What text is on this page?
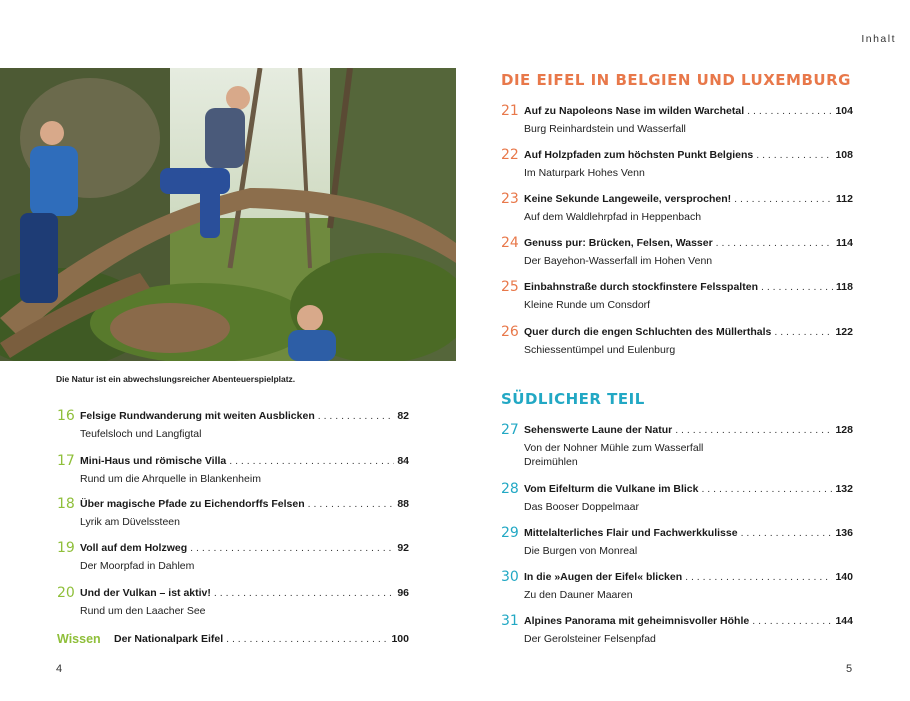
Inhalt
Die Natur ist ein abwechslungsreicher Abenteuerspielplatz.
16 Felsige Rundwanderung mit weiten Ausblicken . . .	82
Teufelsloch und Langfigtal
17 Mini-Haus und römische Villa . . .	84
Rund um die Ahrquelle in Blankenheim
18 Über magische Pfade zu Eichendorffs Felsen . . .	88
Lyrik am Düvelssteen
19 Voll auf dem Holzweg . . .	92
Der Moorpfad in Dahlem
20 Und der Vulkan – ist aktiv! . . .	96
Rund um den Laacher See
Wissen Der Nationalpark Eifel . . .	100
DIE EIFEL IN BELGIEN UND LUXEMBURG
21 Auf zu Napoleons Nase im wilden Warchetal . . .	104
Burg Reinhardstein und Wasserfall
22 Auf Holzpfaden zum höchsten Punkt Belgiens . . .	108
Im Naturpark Hohes Venn
23 Keine Sekunde Langeweile, versprochen! . . .	112
Auf dem Waldlehrpfad in Heppenbach
24 Genuss pur: Brücken, Felsen, Wasser . . .	114
Der Bayehon-Wasserfall im Hohen Venn
25 Einbahnstraße durch stockfinstere Felsspalten . . .	118
Kleine Runde um Consdorf
26 Quer durch die engen Schluchten des Müllerthals . . .	122
Schiessentümpel und Eulenburg
SÜDLICHER TEIL
27 Sehenswerte Laune der Natur . . .	128
Von der Nohner Mühle zum Wasserfall Dreimühlen
28 Vom Eifelturm die Vulkane im Blick . . .	132
Das Booser Doppelmaar
29 Mittelalterliches Flair und Fachwerkkulisse . . .	136
Die Burgen von Monreal
30 In die »Augen der Eifel« blicken . . .	140
Zu den Dauner Maaren
31 Alpines Panorama mit geheimnisvoller Höhle . . .	144
Der Gerolsteiner Felsenpfad
4	5
